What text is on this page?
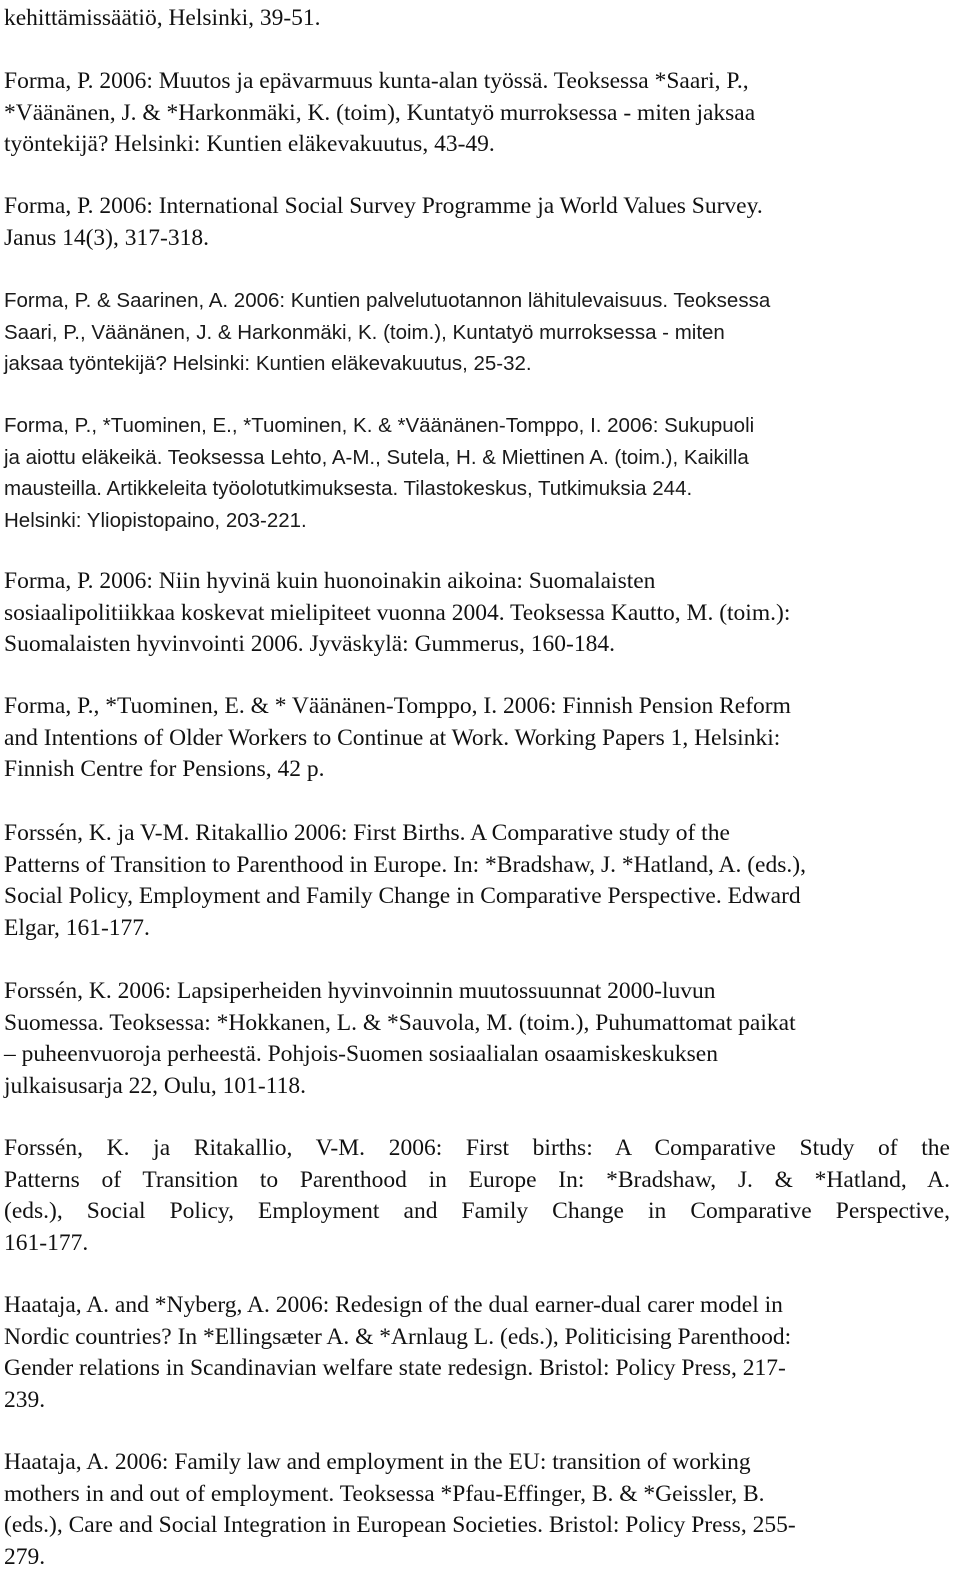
kehittämissäätiö, Helsinki, 39-51.
Forma, P. 2006: Muutos ja epävarmuus kunta-alan työssä. Teoksessa *Saari, P.,
*Väänänen, J. & *Harkonmäki, K. (toim), Kuntatyö murroksessa - miten jaksaa
työntekijä? Helsinki: Kuntien eläkevakuutus, 43-49.
Forma, P. 2006: International Social Survey Programme ja World Values Survey.
Janus 14(3), 317-318.
Forma, P. & Saarinen, A. 2006: Kuntien palvelutuotannon lähitulevaisuus. Teoksessa
Saari, P., Väänänen, J. & Harkonmäki, K. (toim.), Kuntatyö murroksessa - miten
jaksaa työntekijä? Helsinki: Kuntien eläkevakuutus, 25-32.
Forma, P., *Tuominen, E., *Tuominen, K. & *Väänänen-Tomppo, I. 2006: Sukupuoli
ja aiottu eläkeikä. Teoksessa Lehto, A-M., Sutela, H. & Miettinen A. (toim.), Kaikilla
mausteilla. Artikkeleita työolotutkimuksesta. Tilastokeskus, Tutkimuksia 244.
Helsinki: Yliopistopaino, 203-221.
Forma, P. 2006: Niin hyvinä kuin huonoinakin aikoina: Suomalaisten
sosiaalipolitiikkaa koskevat mielipiteet vuonna 2004. Teoksessa Kautto, M. (toim.):
Suomalaisten hyvinvointi 2006. Jyväskylä: Gummerus, 160-184.
Forma, P., *Tuominen, E. & * Väänänen-Tomppo, I. 2006: Finnish Pension Reform
and Intentions of Older Workers to Continue at Work. Working Papers 1, Helsinki:
Finnish Centre for Pensions, 42 p.
Forssén, K. ja V-M. Ritakallio 2006: First Births. A Comparative study of the
Patterns of Transition to Parenthood in Europe. In: *Bradshaw, J. *Hatland, A. (eds.),
Social Policy, Employment and Family Change in Comparative Perspective. Edward
Elgar, 161-177.
Forssén, K. 2006: Lapsiperheiden hyvinvoinnin muutossuunnat 2000-luvun
Suomessa. Teoksessa: *Hokkanen, L. & *Sauvola, M. (toim.), Puhumattomat paikat
– puheenvuoroja perheestä. Pohjois-Suomen sosiaalialan osaamiskeskuksen
julkaisusarja 22, Oulu, 101-118.
Forssén, K. ja Ritakallio, V-M. 2006: First births: A Comparative Study of the
Patterns of Transition to Parenthood in Europe In: *Bradshaw, J. & *Hatland, A.
(eds.), Social Policy, Employment and Family Change in Comparative Perspective,
161-177.
Haataja, A. and *Nyberg, A. 2006: Redesign of the dual earner-dual carer model in
Nordic countries? In *Ellingsæter A. & *Arnlaug L. (eds.), Politicising Parenthood:
Gender relations in Scandinavian welfare state redesign. Bristol: Policy Press, 217-
239.
Haataja, A. 2006: Family law and employment in the EU: transition of working
mothers in and out of employment. Teoksessa *Pfau-Effinger, B. & *Geissler, B.
(eds.), Care and Social Integration in European Societies. Bristol: Policy Press, 255-
279.
